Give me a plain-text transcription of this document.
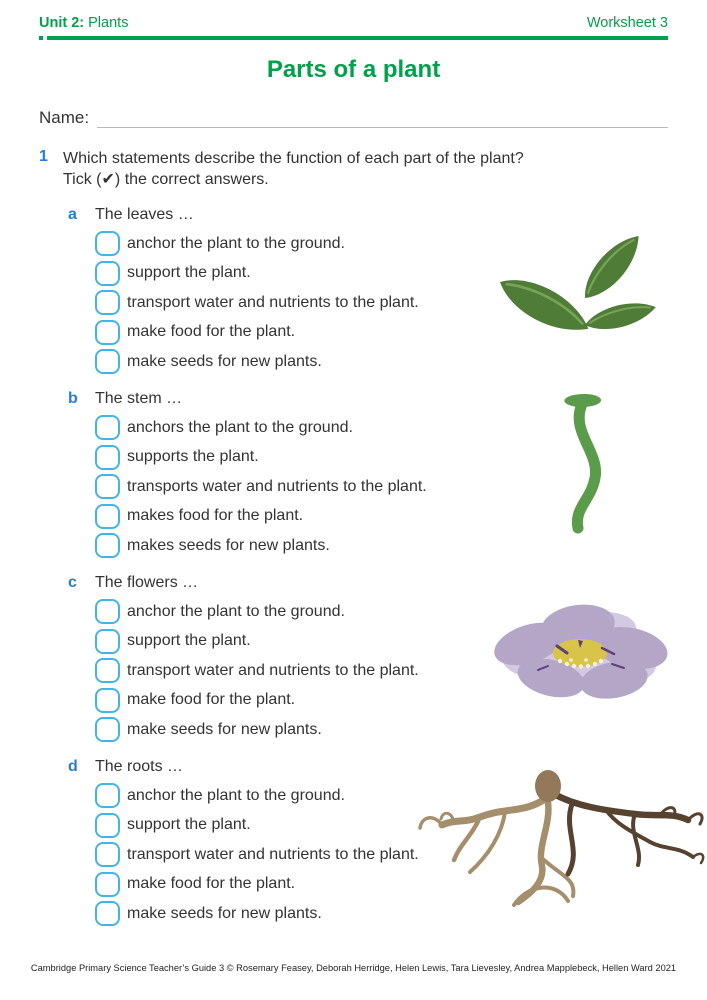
Unit 2: Plants	Worksheet 3
Parts of a plant
Name:
1 Which statements describe the function of each part of the plant?
Tick (✔) the correct answers.
a	The leaves …
anchor the plant to the ground.
support the plant.
transport water and nutrients to the plant.
make food for the plant.
make seeds for new plants.
b	The stem …
anchors the plant to the ground.
supports the plant.
transports water and nutrients to the plant.
makes food for the plant.
makes seeds for new plants.
c	The flowers …
anchor the plant to the ground.
support the plant.
transport water and nutrients to the plant.
make food for the plant.
make seeds for new plants.
d	The roots …
anchor the plant to the ground.
support the plant.
transport water and nutrients to the plant.
make food for the plant.
make seeds for new plants.
Cambridge Primary Science Teacher’s Guide 3 © Rosemary Feasey, Deborah Herridge, Helen Lewis, Tara Lievesley, Andrea Mapplebeck, Hellen Ward 2021
